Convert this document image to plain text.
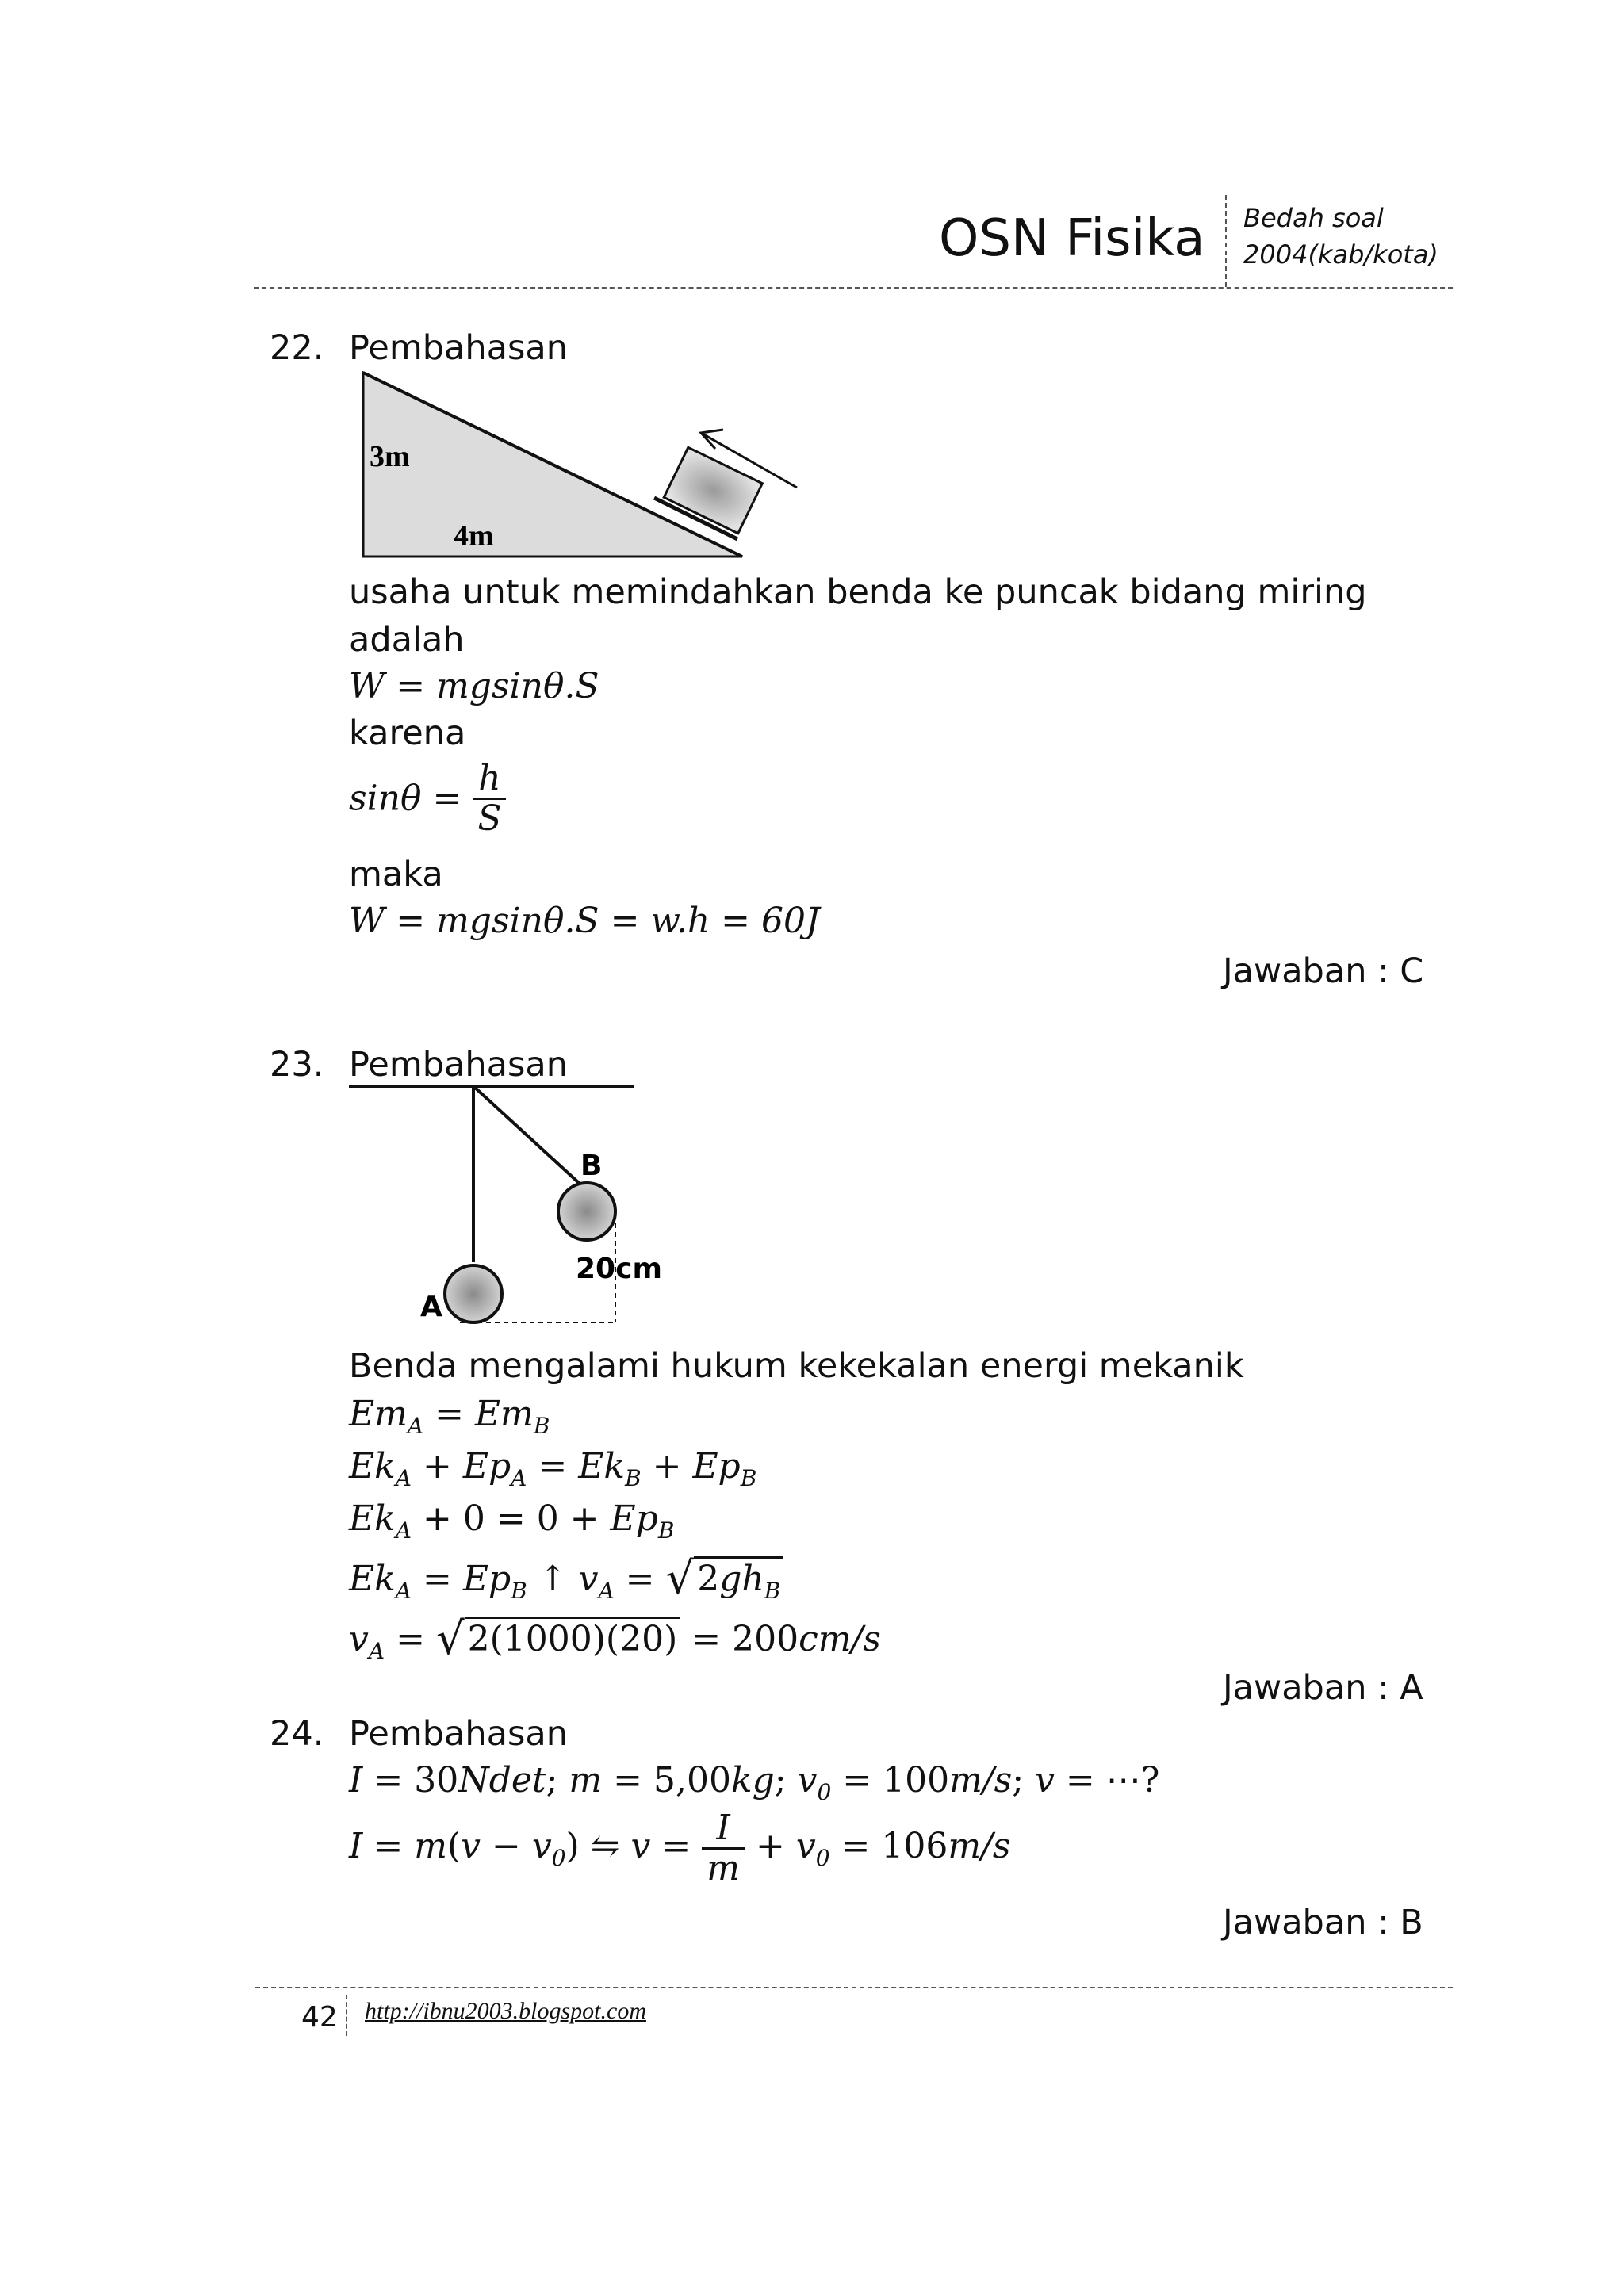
OSN Fisika Bedah soal
2004(kab/kota)
22. Pembahasan
3m
4m
usaha untuk memindahkan benda ke puncak bidang miring
adalah
W = mgsinθ.S
karena
$\sin\theta = \frac{h}{S}$
maka
W = mgsinθ.S = w.h = 60J
Jawaban : C
23. Pembahasan
B
A
20cm
Benda mengalami hukum kekekalan energi mekanik
$Em_A = Em_B$
$Ek_A + Ep_A = Ek_B + Ep_B$
$Ek_A + 0 = 0 + Ep_B$
$Ek_A = Ep_B$ ↑ $v_A = √2gh_B$
$v_A = √2(1000)(20) = 200cm/s$
Jawaban : A
24. Pembahasan
I = 30Ndet; m = 5,00kg; $v_0 = 100m/s$; v = ⋯?
$I = m(v - v_0)$ ⇋ $v = \frac{I}{m} + v_0 = 106m/s$
Jawaban : B
42 http://ibnu2003.blogspot.com
